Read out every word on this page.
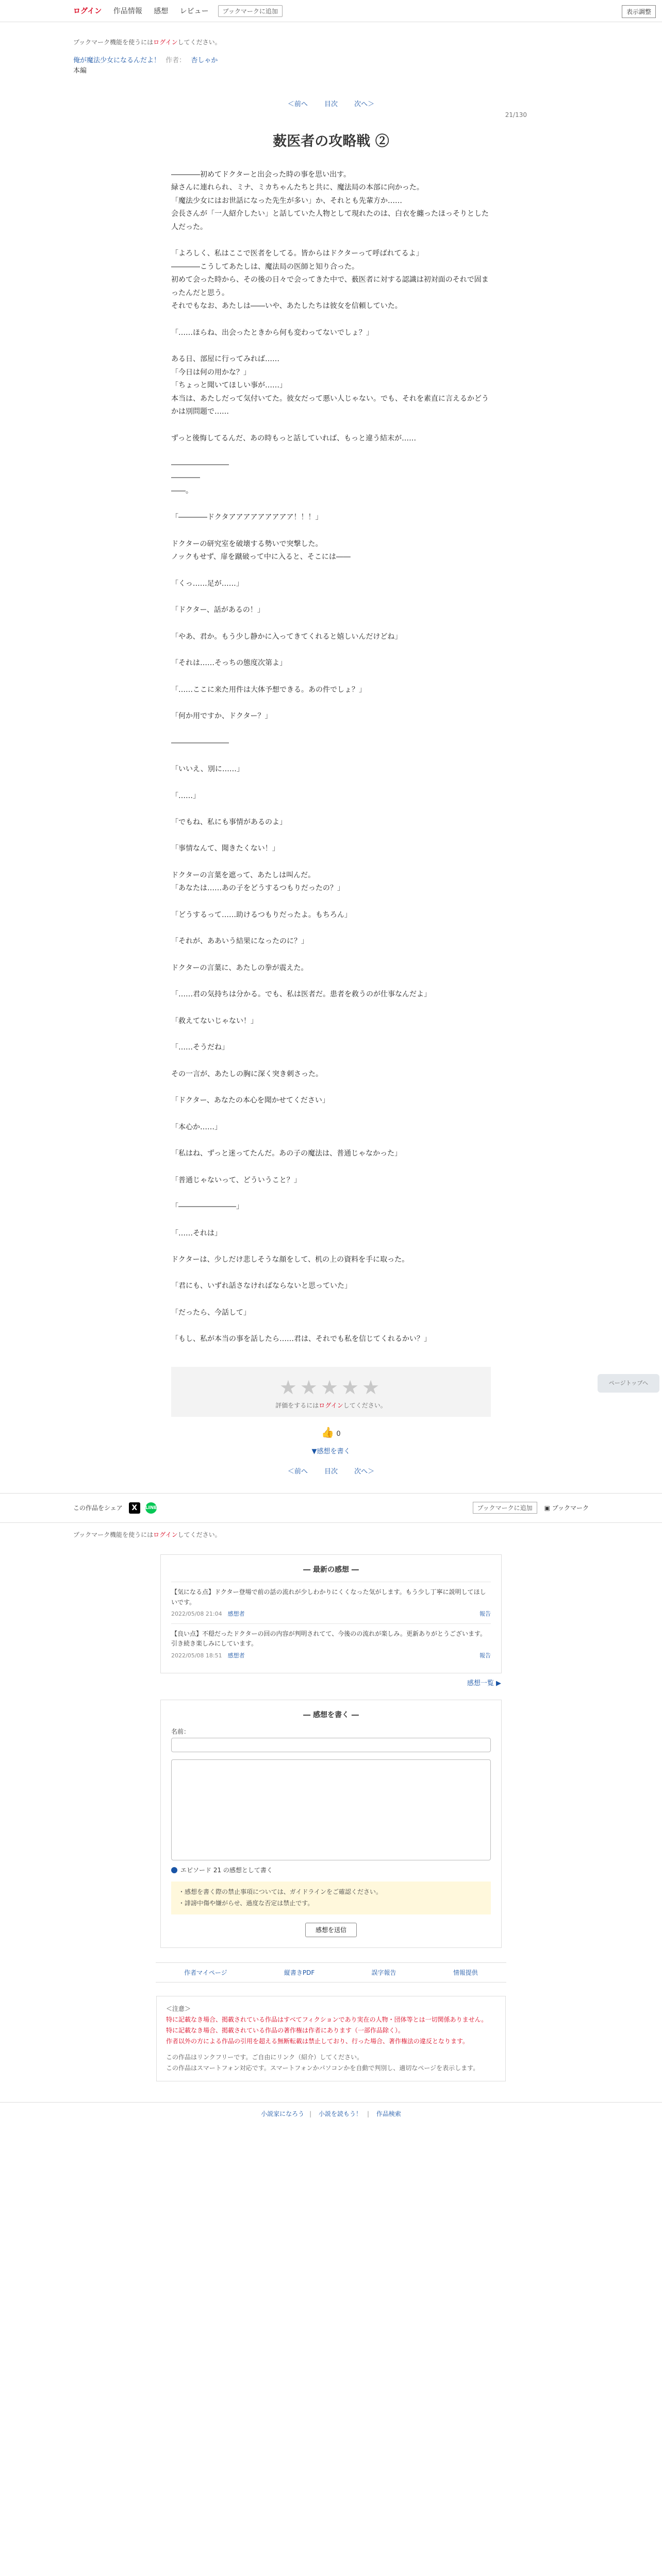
ログイン 作品情報 感想 レビュー	ブックマークに追加	表示調整
ブックマーク機能を使うにはログインしてください。
俺が魔法少女になるんだよ！ 作者： 杏しゃか
本編
＜前へ 目次 次へ＞
21/130
薮医者の攻略戦 ②

――――初めてドクターと出会った時の事を思い出す。

緑さんに連れられ、ミナ、ミカちゃんたちと共に、魔法局の本部に向かった。

「魔法少女にはお世話になった先生が多い」か、それとも先輩方か……

会長さんが「一人紹介したい」と話していた人物として現れたのは、白衣を纏ったほっそりとした人だった。

「よろしく、私はここで医者をしてる。皆からはドクターって呼ばれてるよ」

――――こうしてあたしは、魔法局の医師と知り合った。

初めて会った時から、その後の日々で会ってきた中で、薮医者に対する認識は初対面のそれで固まったんだと思う。

それでもなお、あたしは――いや、あたしたちは彼女を信頼していた。

「……ほらね、出会ったときから何も変わってないでしょ？」

ある日、部屋に行ってみれば……

「今日は何の用かな？」

「ちょっと聞いてほしい事が……」

本当は、あたしだって気付いてた。彼女だって悪い人じゃない。でも、それを素直に言えるかどうかは別問題で……

ずっと後悔してるんだ、あの時もっと話していれば、もっと違う結末が……

――――――――

――――

――。

「――――ドクタアアアアアアアアア！！！」

ドクターの研究室を破壊する勢いで突撃した。

ノックもせず、扉を蹴破って中に入ると、そこには――

「くっ……足が……」

「ドクター、話があるの！」

「やあ、君か。もう少し静かに入ってきてくれると嬉しいんだけどね」

「それは……そっちの態度次第よ」

「……ここに来た用件は大体予想できる。あの件でしょ？」

「何か用ですか、ドクター？」

――――――――

「いいえ、別に……」

「……」

「でもね、私にも事情があるのよ」

「事情なんて、聞きたくない！」

ドクターの言葉を遮って、あたしは叫んだ。

「あなたは……あの子をどうするつもりだったの？」

「どうするって……助けるつもりだったよ。もちろん」

「それが、ああいう結果になったのに？」

ドクターの言葉に、あたしの拳が震えた。

「……君の気持ちは分かる。でも、私は医者だ。患者を救うのが仕事なんだよ」

「救えてないじゃない！」

「……そうだね」

その一言が、あたしの胸に深く突き刺さった。

「ドクター、あなたの本心を聞かせてください」

「本心か……」

「私はね、ずっと迷ってたんだ。あの子の魔法は、普通じゃなかった」

「普通じゃないって、どういうこと？」

「――――――――」

「……それは」

ドクターは、少しだけ悲しそうな顔をして、机の上の資料を手に取った。

「君にも、いずれ話さなければならないと思っていた」

「だったら、今話して」

「もし、私が本当の事を話したら……君は、それでも私を信じてくれるかい？」

★★★★★
評価をするにはログインしてください。
👍 0
▼感想を書く
＜前へ 目次 次へ＞
この作品をシェア	X	LINE	ブックマークに追加	▣ ブックマーク
ブックマーク機能を使うにはログインしてください。
― 最新の感想 ―
【気になる点】ドクター登場で前の話の流れが少しわかりにくくなった気がします。もう少し丁寧に説明してほしいです。
2022/05/08 21:04　 感想者	報告
【良い点】不穏だったドクターの回の内容が判明されてて、今後のの流れが楽しみ。更新ありがとうございます。引き続き楽しみにしています。
2022/05/08 18:51　 感想者	報告
感想一覧 ▶
― 感想を書く ―
名前：
エピソード 21 の感想として書く
・感想を書く際の禁止事項については、ガイドラインをご確認ください。
・誹謗中傷や嫌がらせ、過度な否定は禁止です。
感想を送信
作者マイページ	縦書きPDF	誤字報告	情報提供
＜注意＞
特に記載なき場合、掲載されている作品はすべてフィクションであり実在の人物・団体等とは一切関係ありません。
特に記載なき場合、掲載されている作品の著作権は作者にあります（一部作品除く）。
作者以外の方による作品の引用を超える無断転載は禁止しており、行った場合、著作権法の違反となります。
この作品はリンクフリーです。ご自由にリンク（紹介）してください。
この作品はスマートフォン対応です。スマートフォンかパソコンかを自動で判別し、適切なページを表示します。
小説家になろう | 小説を読もう！ | 作品検索
ページトップへ
